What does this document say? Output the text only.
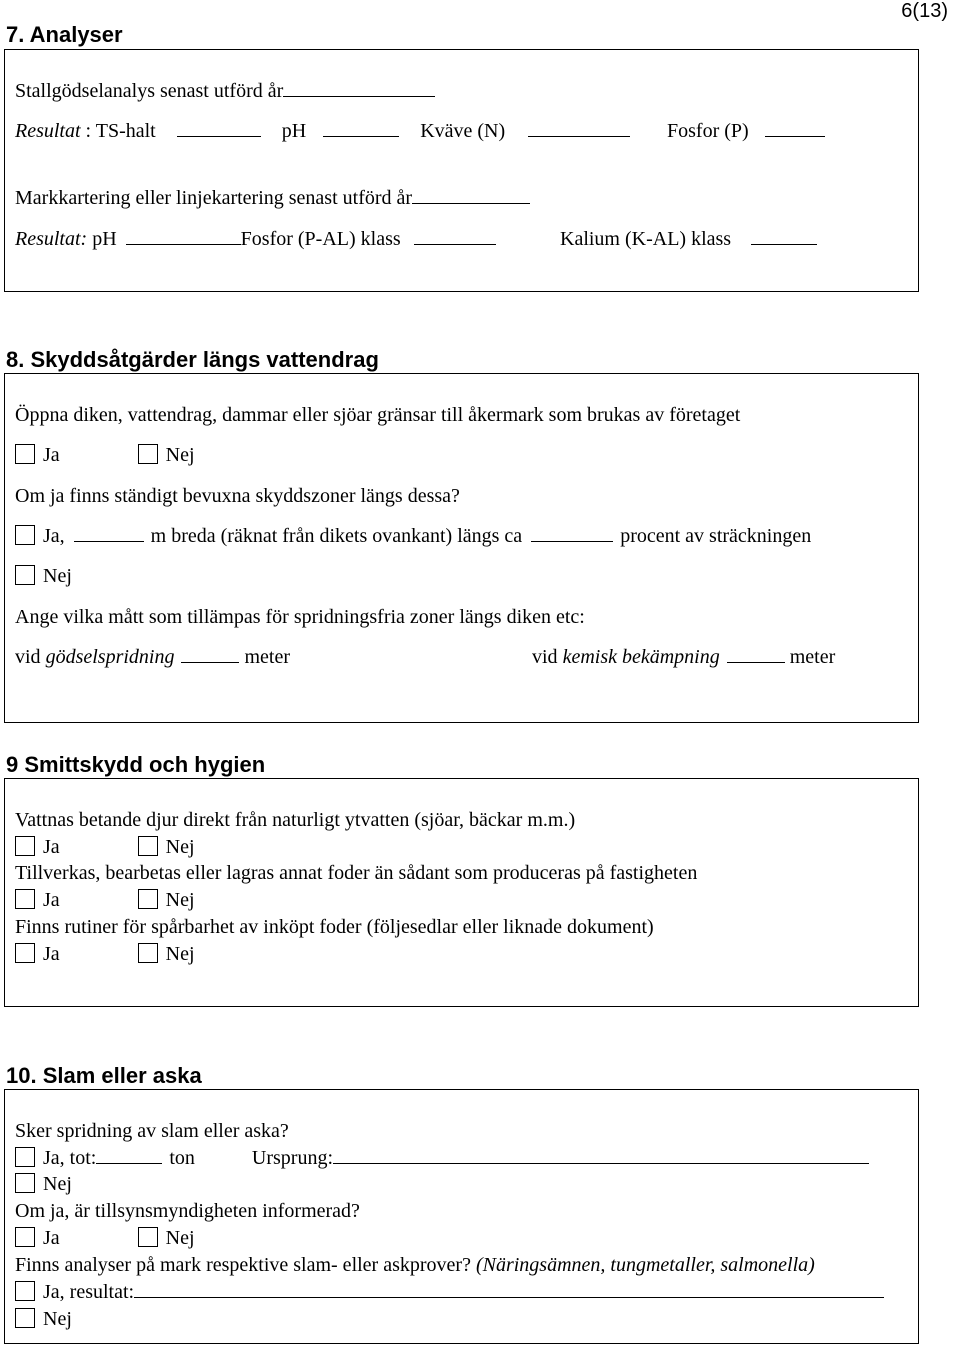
6(13)
7. Analyser
Stallgödselanalys senast utförd år
Resultat : TS-halt	pH	Kväve (N)	Fosfor (P)
Markkartering eller linjekartering senast utförd år
Resultat: pH	Fosfor (P-AL) klass	Kalium (K-AL) klass
8. Skyddsåtgärder längs vattendrag
Öppna diken, vattendrag, dammar eller sjöar gränsar till åkermark som brukas av företaget
Ja	Nej
Om ja finns ständigt bevuxna skyddszoner längs dessa?
Ja,	m breda (räknat från dikets ovankant) längs ca	procent av sträckningen
Nej
Ange vilka mått som tillämpas för spridningsfria zoner längs diken etc:
vid gödselspridning	meter	vid kemisk bekämpning	meter
9 Smittskydd och hygien
Vattnas betande djur direkt från naturligt ytvatten (sjöar, bäckar m.m.)
Ja	Nej
Tillverkas, bearbetas eller lagras annat foder än sådant som produceras på fastigheten
Ja	Nej
Finns rutiner för spårbarhet av inköpt foder (följesedlar eller liknade dokument)
Ja	Nej
10. Slam eller aska
Sker spridning av slam eller aska?
Ja, tot:	ton	Ursprung:
Nej
Om ja, är tillsynsmyndigheten informerad?
Ja	Nej
Finns analyser på mark respektive slam- eller askprover? (Näringsämnen, tungmetaller, salmonella)
Ja, resultat:
Nej
